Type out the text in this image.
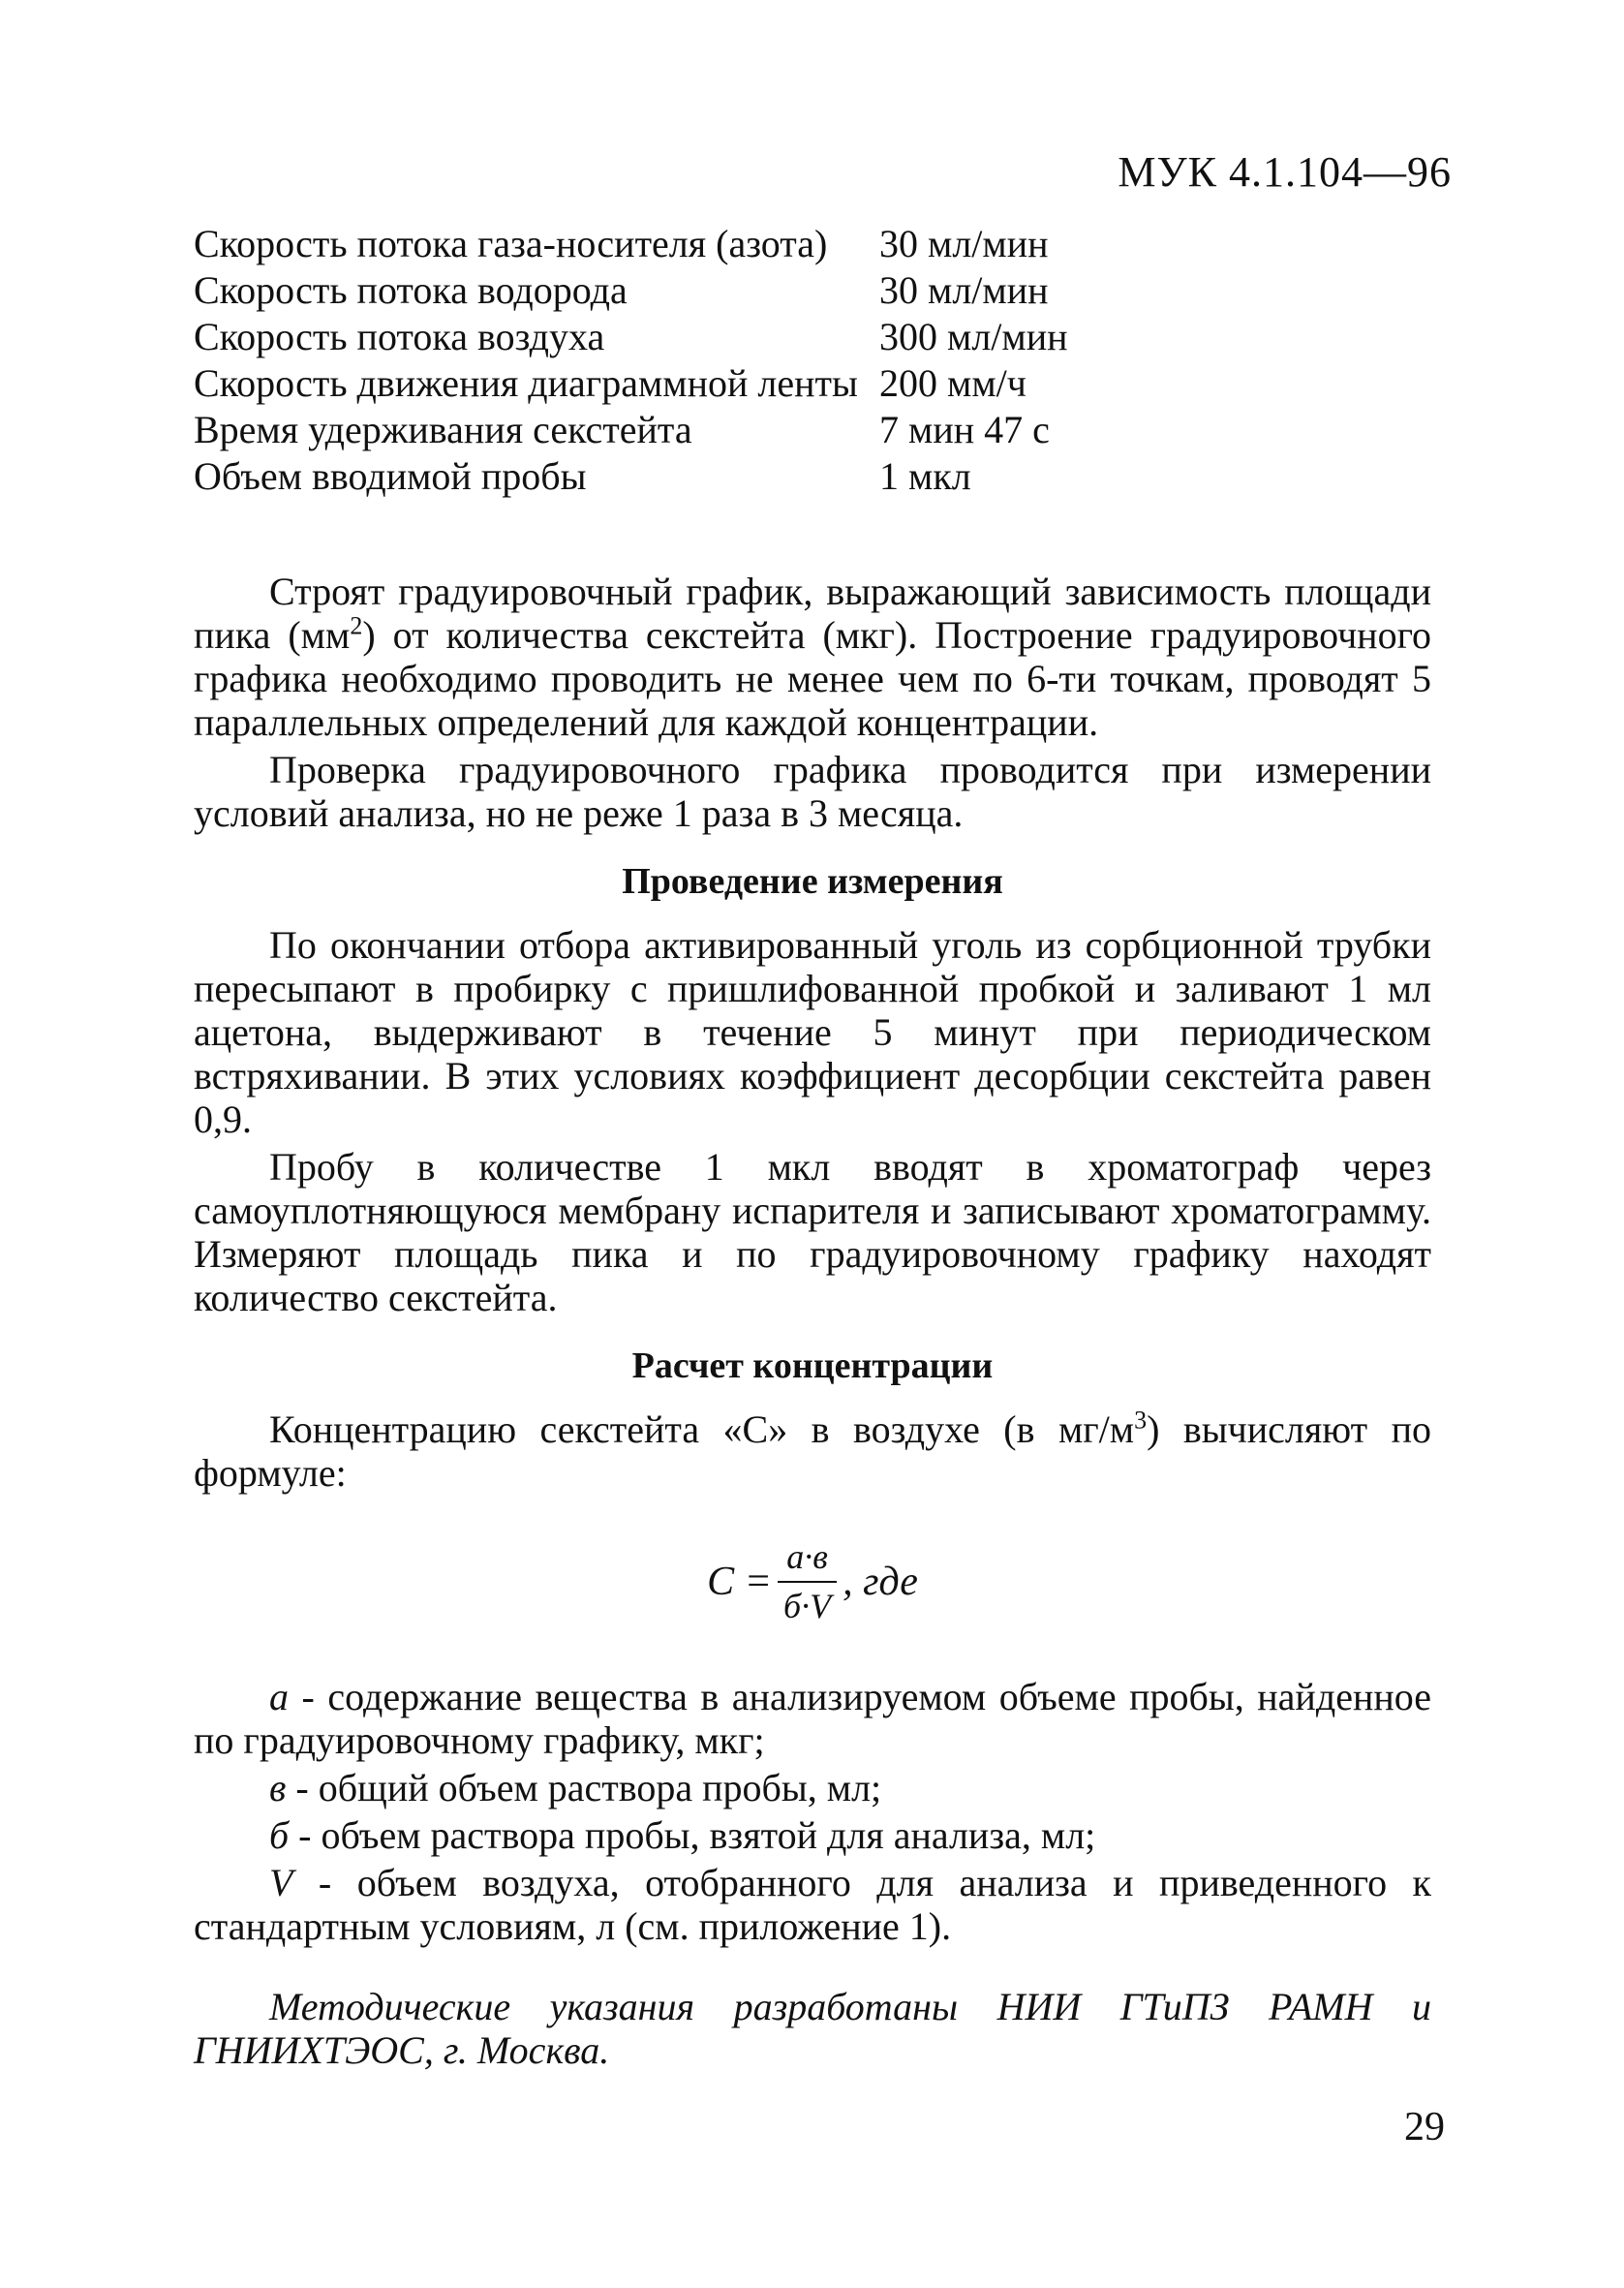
МУК 4.1.104—96
Скорость потока газа-носителя (азота)	30 мл/мин
Скорость потока водорода	30 мл/мин
Скорость потока воздуха	300 мл/мин
Скорость движения диаграммной ленты 200 мм/ч
Время удерживания секстейта	7 мин 47 с
Объем вводимой пробы	1 мкл

Строят градуировочный график, выражающий зависимость площади пика $(мм^2)$ от количества секстейта (мкг). Построение градуировочного графика необходимо проводить не менее чем по 6-ти точкам, проводят 5 параллельных определений для каждой концентрации.

Проверка градуировочного графика проводится при измерении условий анализа, но не реже 1 раза в 3 месяца.

Проведение измерения

По окончании отбора активированный уголь из сорбционной трубки пересыпают в пробирку с пришлифованной пробкой и заливают 1 мл ацетона, выдерживают в течение 5 минут при периодическом встряхивании. В этих условиях коэффициент десорбции секстейта равен 0,9.

Пробу в количестве 1 мкл вводят в хроматограф через самоуплотняющуюся мембрану испарителя и записывают хроматограмму. Измеряют площадь пика и по градуировочному графику находят количество секстейта.

Расчет концентрации

Концентрацию секстейта «С» в воздухе (в $мг/м^3$) вычисляют по формуле:

$C = \frac{а\cdot в}{б\cdot V}$ , где

а - содержание вещества в анализируемом объеме пробы, найденное по градуировочному графику, мкг;

в - общий объем раствора пробы, мл;

б - объем раствора пробы, взятой для анализа, мл;

V - объем воздуха, отобранного для анализа и приведенного к стандартным условиям, л (см. приложение 1).

Методические указания разработаны НИИ ГТиПЗ РАМН и ГНИИХТЭОС, г. Москва.

29
